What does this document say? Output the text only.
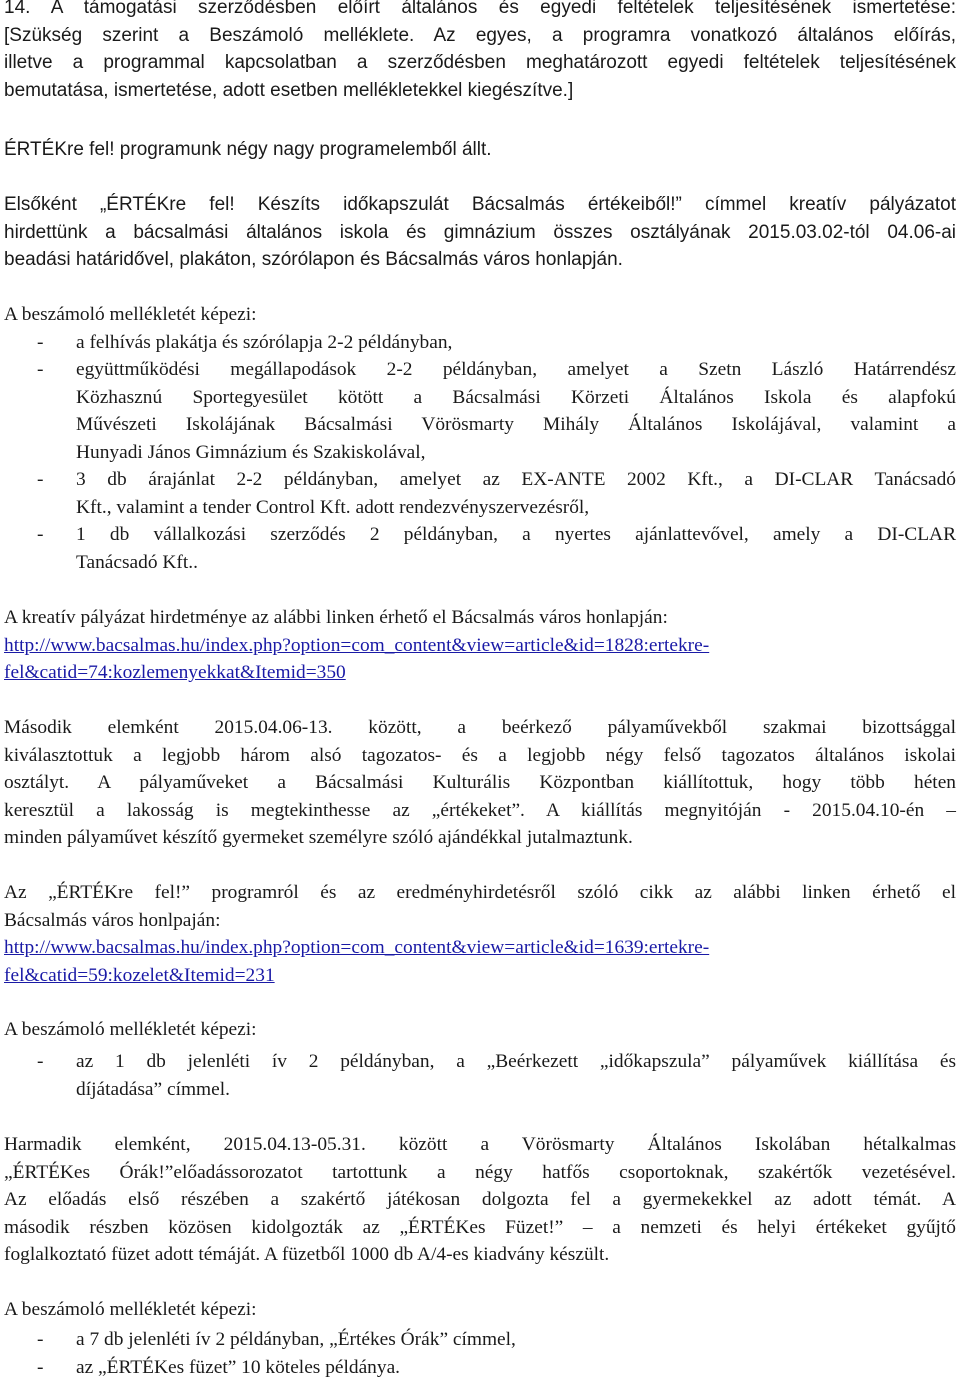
14. A támogatási szerződésben előírt általános és egyedi feltételek teljesítésének ismertetése:
[Szükség szerint a Beszámoló melléklete. Az egyes, a programra vonatkozó általános előírás,
illetve a programmal kapcsolatban a szerződésben meghatározott egyedi feltételek teljesítésének
bemutatása, ismertetése, adott esetben mellékletekkel kiegészítve.]
ÉRTÉKre fel! programunk négy nagy programelemből állt.
Elsőként „ÉRTÉKre fel! Készíts időkapszulát Bácsalmás értékeiből!” címmel kreatív pályázatot
hirdettünk a bácsalmási általános iskola és gimnázium összes osztályának 2015.03.02-tól 04.06-ai
beadási határidővel, plakáton, szórólapon és Bácsalmás város honlapján.
A beszámoló mellékletét képezi:
- a felhívás plakátja és szórólapja 2-2 példányban,
- együttműködési megállapodások 2-2 példányban, amelyet a Szetn László Határrendész
Közhasznú Sportegyesület kötött a Bácsalmási Körzeti Általános Iskola és alapfokú
Művészeti Iskolájának Bácsalmási Vörösmarty Mihály Általános Iskolájával, valamint a
Hunyadi János Gimnázium és Szakiskolával,
- 3 db árajánlat 2-2 példányban, amelyet az EX-ANTE 2002 Kft., a DI-CLAR Tanácsadó
Kft., valamint a tender Control Kft. adott rendezvényszervezésről,
- 1 db vállalkozási szerződés 2 példányban, a nyertes ajánlattevővel, amely a DI-CLAR
Tanácsadó Kft..
A kreatív pályázat hirdetménye az alábbi linken érhető el Bácsalmás város honlapján:
http://www.bacsalmas.hu/index.php?option=com_content&view=article&id=1828:ertekre-
fel&catid=74:kozlemenyekkat&Itemid=350
Második elemként 2015.04.06-13. között, a beérkező pályaművekből szakmai bizottsággal
kiválasztottuk a legjobb három alsó tagozatos- és a legjobb négy felső tagozatos általános iskolai
osztályt. A pályaműveket a Bácsalmási Kulturális Központban kiállítottuk, hogy több héten
keresztül a lakosság is megtekinthesse az „értékeket”. A kiállítás megnyitóján - 2015.04.10-én –
minden pályaművet készítő gyermeket személyre szóló ajándékkal jutalmaztunk.
Az „ÉRTÉKre fel!” programról és az eredményhirdetésről szóló cikk az alábbi linken érhető el
Bácsalmás város honlpaján:
http://www.bacsalmas.hu/index.php?option=com_content&view=article&id=1639:ertekre-
fel&catid=59:kozelet&Itemid=231
A beszámoló mellékletét képezi:
- az 1 db jelenléti ív 2 példányban, a „Beérkezett „időkapszula” pályaművek kiállítása és
díjátadása” címmel.
Harmadik elemként, 2015.04.13-05.31. között a Vörösmarty Általános Iskolában hétalkalmas
„ÉRTÉKes Órák!”előadássorozatot tartottunk a négy hatfős csoportoknak, szakértők vezetésével.
Az előadás első részében a szakértő játékosan dolgozta fel a gyermekekkel az adott témát. A
második részben közösen kidolgozták az „ÉRTÉKes Füzet!” – a nemzeti és helyi értékeket gyűjtő
foglalkoztató füzet adott témáját. A füzetből 1000 db A/4-es kiadvány készült.
A beszámoló mellékletét képezi:
- a 7 db jelenléti ív 2 példányban, „Értékes Órák” címmel,
- az „ÉRTÉKes füzet” 10 köteles példánya.
